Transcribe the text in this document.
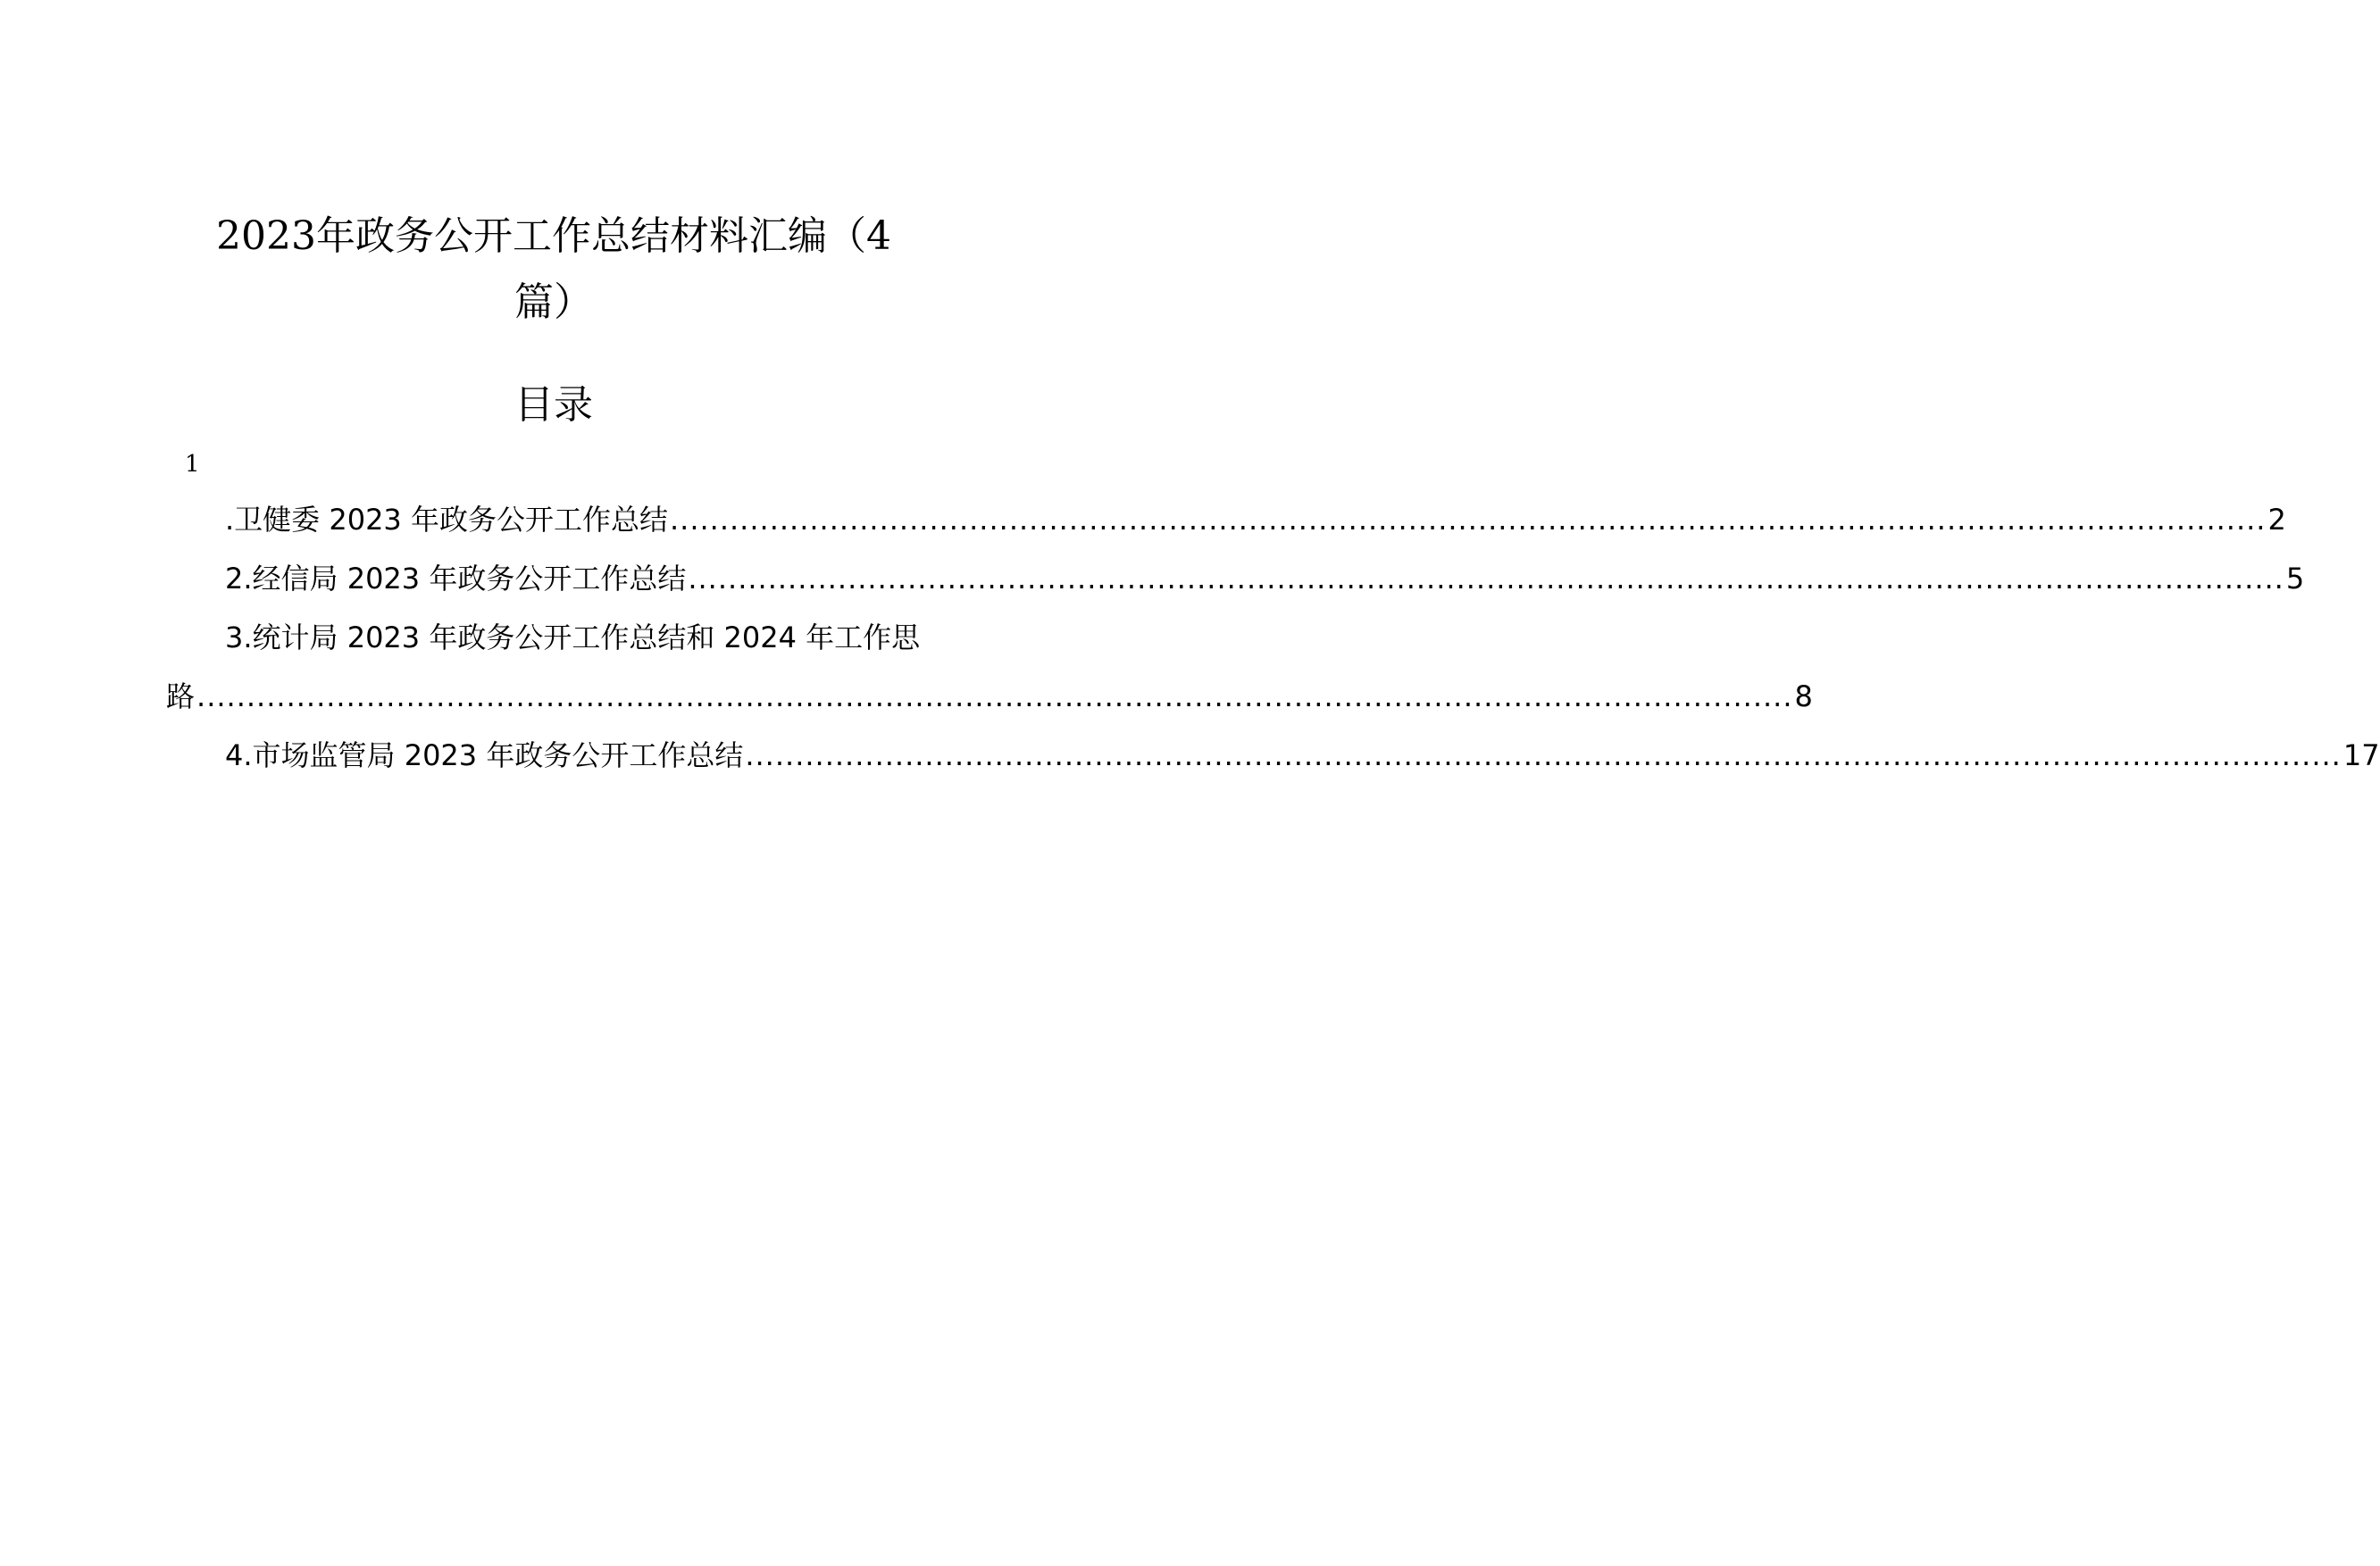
2023年政务公开工作总结材料汇编（4
篇）
目录
1
.卫健委 2023 年政务公开工作总结 ................................................................................................................................................................ 2
2.经信局 2023 年政务公开工作总结 ................................................................................................................................................................ 5
3.统计局 2023 年政务公开工作总结和 2024 年工作思
路 ................................................................................................................................................................ 8
4.市场监管局 2023 年政务公开工作总结 ................................................................................................................................................................ 17
